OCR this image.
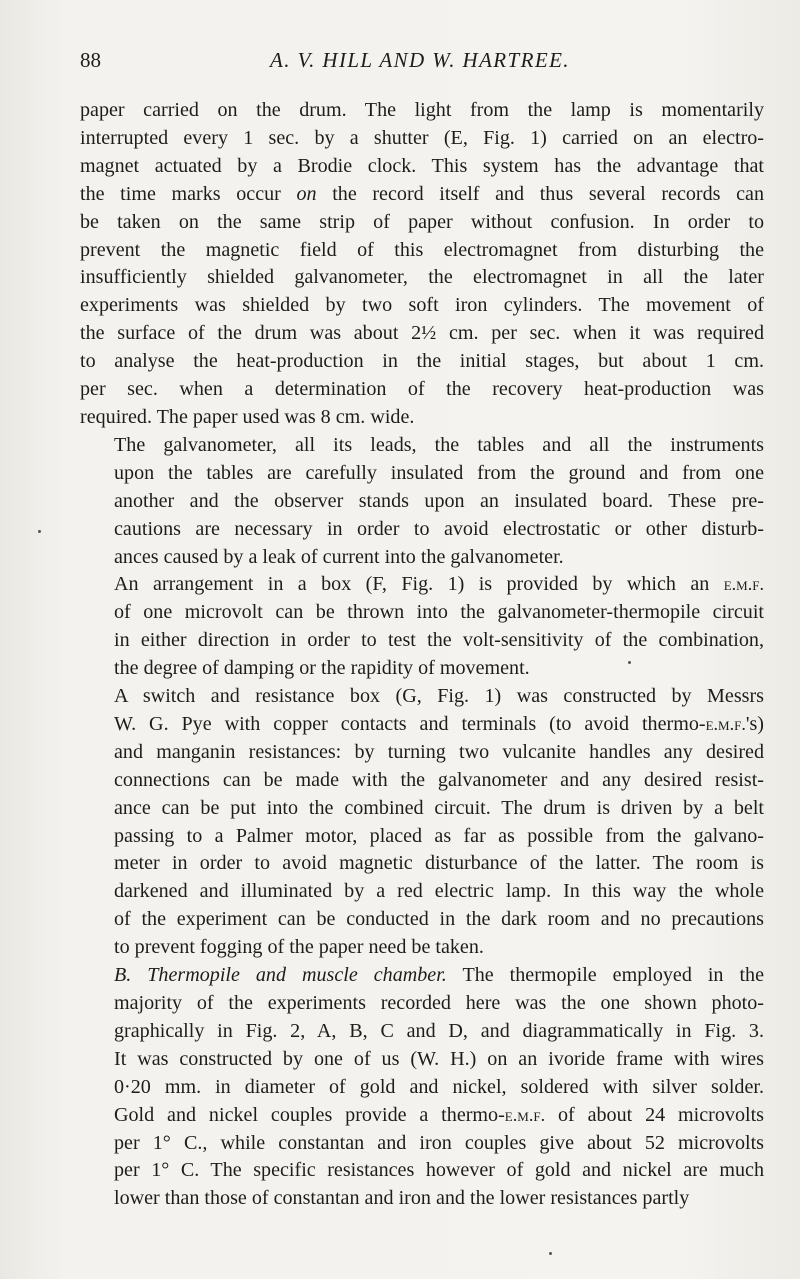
88	A. V. HILL AND W. HARTREE.

paper carried on the drum. The light from the lamp is momentarily
interrupted every 1 sec. by a shutter (E, Fig. 1) carried on an electro-
magnet actuated by a Brodie clock. This system has the advantage that
the time marks occur on the record itself and thus several records can
be taken on the same strip of paper without confusion. In order to
prevent the magnetic field of this electromagnet from disturbing the
insufficiently shielded galvanometer, the electromagnet in all the later
experiments was shielded by two soft iron cylinders. The movement of
the surface of the drum was about 2½ cm. per sec. when it was required
to analyse the heat-production in the initial stages, but about 1 cm.
per sec. when a determination of the recovery heat-production was
required. The paper used was 8 cm. wide.

The galvanometer, all its leads, the tables and all the instruments
upon the tables are carefully insulated from the ground and from one
another and the observer stands upon an insulated board. These pre-
cautions are necessary in order to avoid electrostatic or other disturb-
ances caused by a leak of current into the galvanometer.

An arrangement in a box (F, Fig. 1) is provided by which an e.m.f.
of one microvolt can be thrown into the galvanometer-thermopile circuit
in either direction in order to test the volt-sensitivity of the combination,
the degree of damping or the rapidity of movement.

A switch and resistance box (G, Fig. 1) was constructed by Messrs
W. G. Pye with copper contacts and terminals (to avoid thermo-e.m.f.'s)
and manganin resistances: by turning two vulcanite handles any desired
connections can be made with the galvanometer and any desired resist-
ance can be put into the combined circuit. The drum is driven by a belt
passing to a Palmer motor, placed as far as possible from the galvano-
meter in order to avoid magnetic disturbance of the latter. The room is
darkened and illuminated by a red electric lamp. In this way the whole
of the experiment can be conducted in the dark room and no precautions
to prevent fogging of the paper need be taken.

B. Thermopile and muscle chamber. The thermopile employed in the
majority of the experiments recorded here was the one shown photo-
graphically in Fig. 2, A, B, C and D, and diagrammatically in Fig. 3.
It was constructed by one of us (W. H.) on an ivoride frame with wires
0·20 mm. in diameter of gold and nickel, soldered with silver solder.
Gold and nickel couples provide a thermo-e.m.f. of about 24 microvolts
per 1° C., while constantan and iron couples give about 52 microvolts
per 1° C. The specific resistances however of gold and nickel are much
lower than those of constantan and iron and the lower resistances partly
